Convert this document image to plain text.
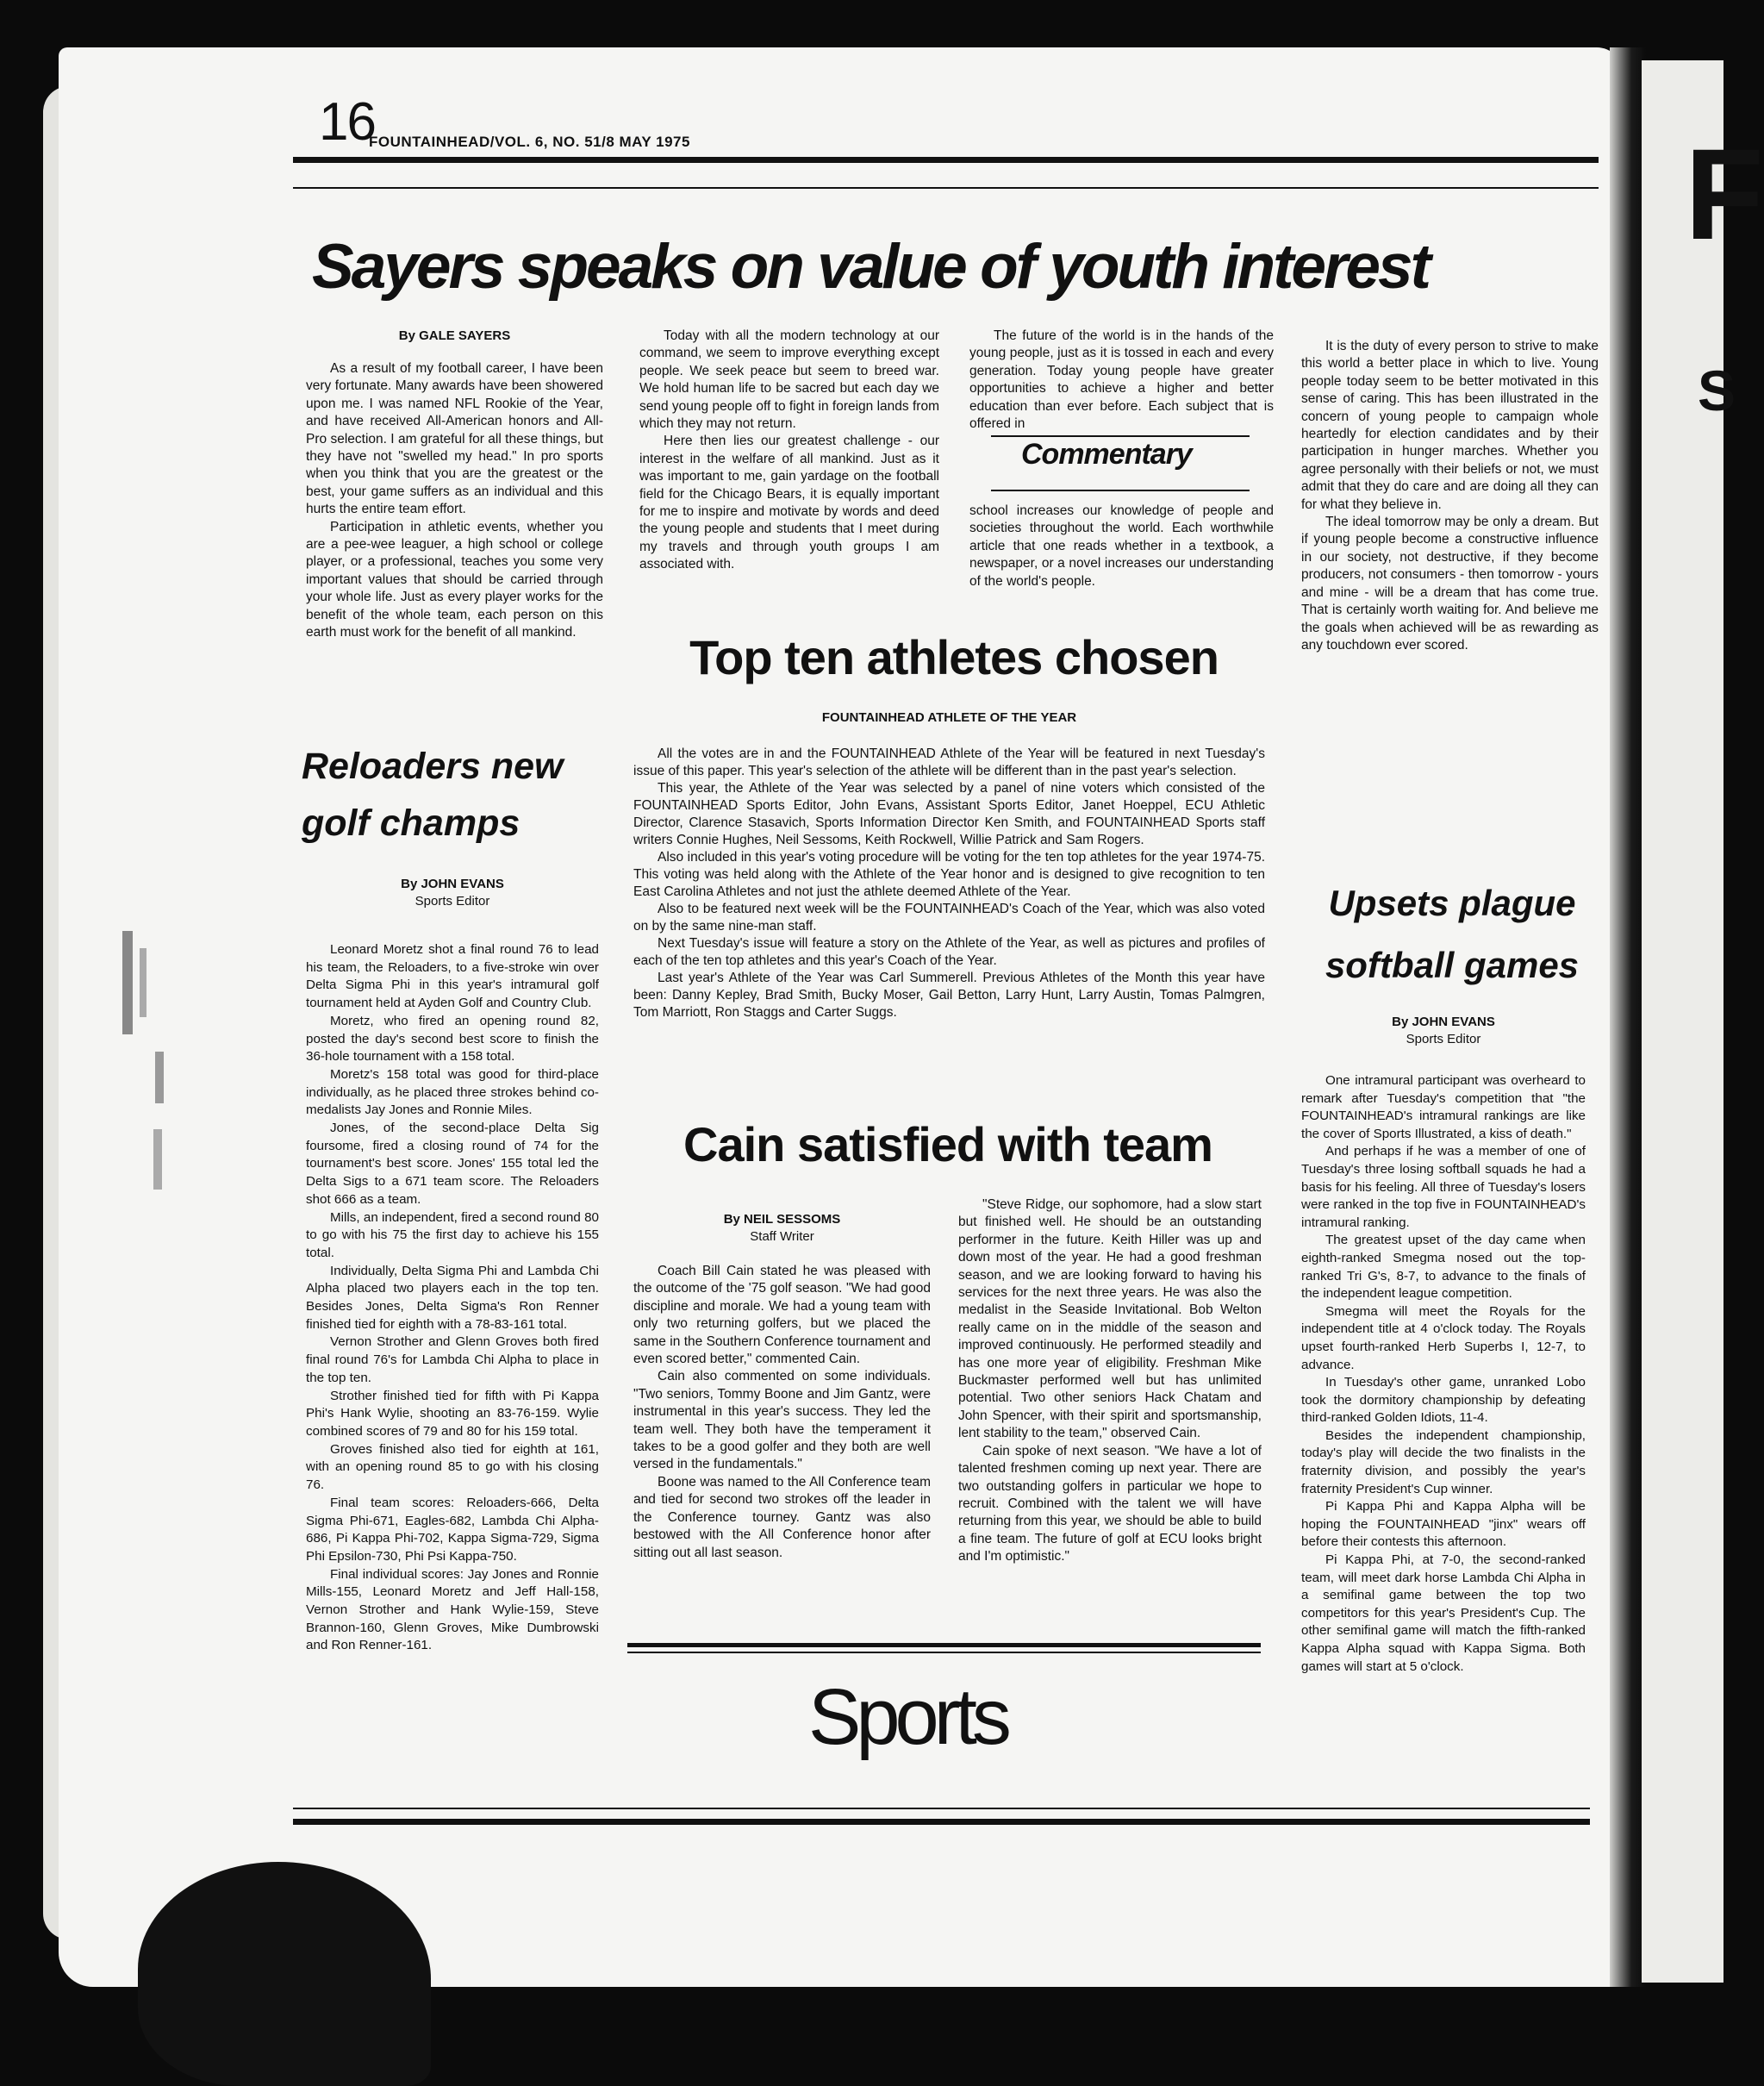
F
S
16
FOUNTAINHEAD/VOL. 6, NO. 51/8 MAY 1975
Sayers speaks on value of youth interest
By GALE SAYERS

As a result of my football career, I have been very fortunate. Many awards have been showered upon me. I was named NFL Rookie of the Year, and have received All-American honors and All-Pro selection. I am grateful for all these things, but they have not "swelled my head." In pro sports when you think that you are the greatest or the best, your game suffers as an individual and this hurts the entire team effort.

Participation in athletic events, whether you are a pee-wee leaguer, a high school or college player, or a professional, teaches you some very important values that should be carried through your whole life. Just as every player works for the benefit of the whole team, each person on this earth must work for the benefit of all mankind.

Today with all the modern technology at our command, we seem to improve everything except people. We seek peace but seem to breed war. We hold human life to be sacred but each day we send young people off to fight in foreign lands from which they may not return.

Here then lies our greatest challenge - our interest in the welfare of all mankind. Just as it was important to me, gain yardage on the football field for the Chicago Bears, it is equally important for me to inspire and motivate by words and deed the young people and students that I meet during my travels and through youth groups I am associated with.

The future of the world is in the hands of the young people, just as it is tossed in each and every generation. Today young people have greater opportunities to achieve a higher and better education than ever before. Each subject that is offered in

Commentary

school increases our knowledge of people and societies throughout the world. Each worthwhile article that one reads whether in a textbook, a newspaper, or a novel increases our understanding of the world's people.

It is the duty of every person to strive to make this world a better place in which to live. Young people today seem to be better motivated in this sense of caring. This has been illustrated in the concern of young people to campaign whole heartedly for election candidates and by their participation in hunger marches. Whether you agree personally with their beliefs or not, we must admit that they do care and are doing all they can for what they believe in.

The ideal tomorrow may be only a dream. But if young people become a constructive influence in our society, not destructive, if they become producers, not consumers - then tomorrow - yours and mine - will be a dream that has come true. That is certainly worth waiting for. And believe me the goals when achieved will be as rewarding as any touchdown ever scored.

Reloaders new
golf champs
By JOHN EVANS
Sports Editor

Leonard Moretz shot a final round 76 to lead his team, the Reloaders, to a five-stroke win over Delta Sigma Phi in this year's intramural golf tournament held at Ayden Golf and Country Club.

Moretz, who fired an opening round 82, posted the day's second best score to finish the 36-hole tournament with a 158 total.

Moretz's 158 total was good for third-place individually, as he placed three strokes behind co-medalists Jay Jones and Ronnie Miles.

Jones, of the second-place Delta Sig foursome, fired a closing round of 74 for the tournament's best score. Jones' 155 total led the Delta Sigs to a 671 team score. The Reloaders shot 666 as a team.

Mills, an independent, fired a second round 80 to go with his 75 the first day to achieve his 155 total.

Individually, Delta Sigma Phi and Lambda Chi Alpha placed two players each in the top ten. Besides Jones, Delta Sigma's Ron Renner finished tied for eighth with a 78-83-161 total.

Vernon Strother and Glenn Groves both fired final round 76's for Lambda Chi Alpha to place in the top ten.

Strother finished tied for fifth with Pi Kappa Phi's Hank Wylie, shooting an 83-76-159. Wylie combined scores of 79 and 80 for his 159 total.

Groves finished also tied for eighth at 161, with an opening round 85 to go with his closing 76.

Final team scores: Reloaders-666, Delta Sigma Phi-671, Eagles-682, Lambda Chi Alpha-686, Pi Kappa Phi-702, Kappa Sigma-729, Sigma Phi Epsilon-730, Phi Psi Kappa-750.

Final individual scores: Jay Jones and Ronnie Mills-155, Leonard Moretz and Jeff Hall-158, Vernon Strother and Hank Wylie-159, Steve Brannon-160, Glenn Groves, Mike Dumbrowski and Ron Renner-161.

Top ten athletes chosen
FOUNTAINHEAD ATHLETE OF THE YEAR

All the votes are in and the FOUNTAINHEAD Athlete of the Year will be featured in next Tuesday's issue of this paper. This year's selection of the athlete will be different than in the past year's selection.

This year, the Athlete of the Year was selected by a panel of nine voters which consisted of the FOUNTAINHEAD Sports Editor, John Evans, Assistant Sports Editor, Janet Hoeppel, ECU Athletic Director, Clarence Stasavich, Sports Information Director Ken Smith, and FOUNTAINHEAD Sports staff writers Connie Hughes, Neil Sessoms, Keith Rockwell, Willie Patrick and Sam Rogers.

Also included in this year's voting procedure will be voting for the ten top athletes for the year 1974-75. This voting was held along with the Athlete of the Year honor and is designed to give recognition to ten East Carolina Athletes and not just the athlete deemed Athlete of the Year.

Also to be featured next week will be the FOUNTAINHEAD's Coach of the Year, which was also voted on by the same nine-man staff.

Next Tuesday's issue will feature a story on the Athlete of the Year, as well as pictures and profiles of each of the ten top athletes and this year's Coach of the Year.

Last year's Athlete of the Year was Carl Summerell. Previous Athletes of the Month this year have been: Danny Kepley, Brad Smith, Bucky Moser, Gail Betton, Larry Hunt, Larry Austin, Tomas Palmgren, Tom Marriott, Ron Staggs and Carter Suggs.

Cain satisfied with team
By NEIL SESSOMS
Staff Writer

Coach Bill Cain stated he was pleased with the outcome of the '75 golf season. "We had good discipline and morale. We had a young team with only two returning golfers, but we placed the same in the Southern Conference tournament and even scored better," commented Cain.

Cain also commented on some individuals. "Two seniors, Tommy Boone and Jim Gantz, were instrumental in this year's success. They led the team well. They both have the temperament it takes to be a good golfer and they both are well versed in the fundamentals."

Boone was named to the All Conference team and tied for second two strokes off the leader in the Conference tourney. Gantz was also bestowed with the All Conference honor after sitting out all last season.

"Steve Ridge, our sophomore, had a slow start but finished well. He should be an outstanding performer in the future. Keith Hiller was up and down most of the year. He had a good freshman season, and we are looking forward to having his services for the next three years. He was also the medalist in the Seaside Invitational. Bob Welton really came on in the middle of the season and improved continuously. He performed steadily and has one more year of eligibility. Freshman Mike Buckmaster performed well but has unlimited potential. Two other seniors Hack Chatam and John Spencer, with their spirit and sportsmanship, lent stability to the team," observed Cain.

Cain spoke of next season. "We have a lot of talented freshmen coming up next year. There are two outstanding golfers in particular we hope to recruit. Combined with the talent we will have returning from this year, we should be able to build a fine team. The future of golf at ECU looks bright and I'm optimistic."

Sports
Upsets plague
softball games
By JOHN EVANS
Sports Editor

One intramural participant was overheard to remark after Tuesday's competition that "the FOUNTAINHEAD's intramural rankings are like the cover of Sports Illustrated, a kiss of death."

And perhaps if he was a member of one of Tuesday's three losing softball squads he had a basis for his feeling. All three of Tuesday's losers were ranked in the top five in FOUNTAINHEAD's intramural ranking.

The greatest upset of the day came when eighth-ranked Smegma nosed out the top-ranked Tri G's, 8-7, to advance to the finals of the independent league competition.

Smegma will meet the Royals for the independent title at 4 o'clock today. The Royals upset fourth-ranked Herb Superbs I, 12-7, to advance.

In Tuesday's other game, unranked Lobo took the dormitory championship by defeating third-ranked Golden Idiots, 11-4.

Besides the independent championship, today's play will decide the two finalists in the fraternity division, and possibly the year's fraternity President's Cup winner.

Pi Kappa Phi and Kappa Alpha will be hoping the FOUNTAINHEAD "jinx" wears off before their contests this afternoon.

Pi Kappa Phi, at 7-0, the second-ranked team, will meet dark horse Lambda Chi Alpha in a semifinal game between the top two competitors for this year's President's Cup. The other semifinal game will match the fifth-ranked Kappa Alpha squad with Kappa Sigma. Both games will start at 5 o'clock.
